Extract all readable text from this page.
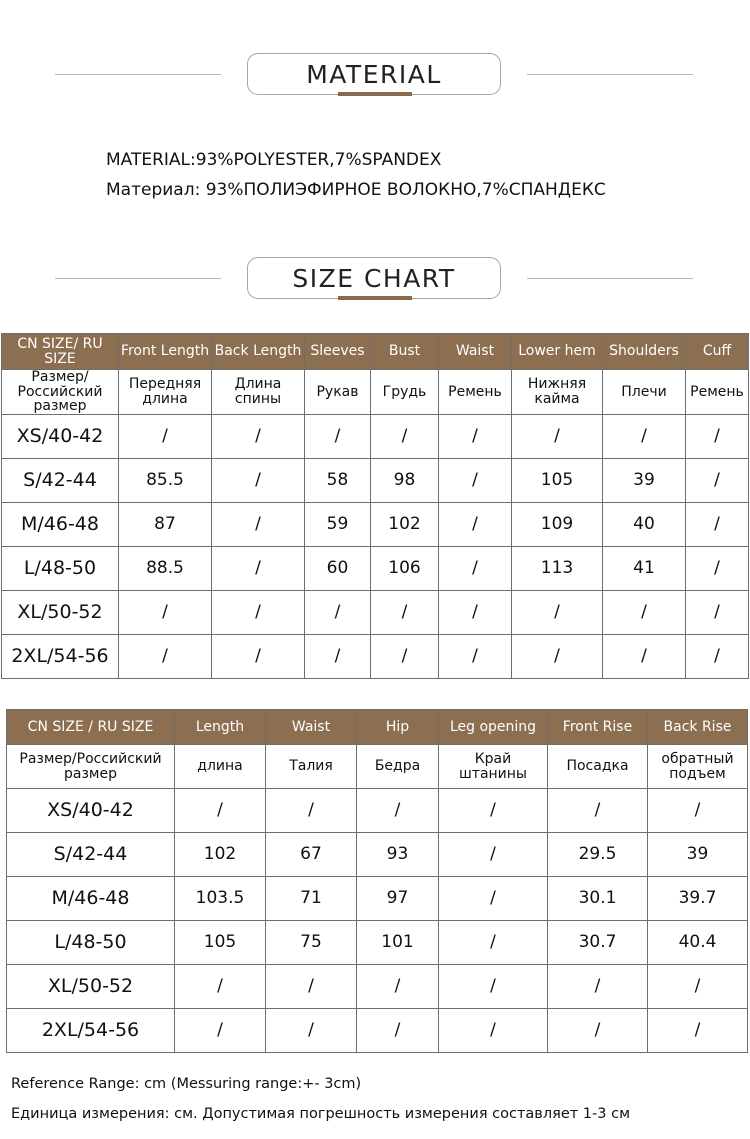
MATERIAL
MATERIAL:93%POLYESTER,7%SPANDEX
Материал: 93%ПОЛИЭФИРНОЕ ВОЛОКНО,7%СПАНДЕКС
SIZE CHART
CN SIZE/ RU SIZE	Front Length	Back Length	Sleeves	Bust	Waist	Lower hem	Shoulders	Cuff
Размер/ Российский размер	Передняя длина	Длина спины	Рукав	Грудь	Ремень	Нижняя кайма	Плечи	Ремень
XS/40-42	/	/	/	/	/	/	/	/
S/42-44	85.5	/	58	98	/	105	39	/
M/46-48	87	/	59	102	/	109	40	/
L/48-50	88.5	/	60	106	/	113	41	/
XL/50-52	/	/	/	/	/	/	/	/
2XL/54-56	/	/	/	/	/	/	/	/
CN SIZE / RU SIZE	Length	Waist	Hip	Leg opening	Front Rise	Back Rise
Размер/Российский размер	длина	Талия	Бедра	Край штанины	Посадка	обратный подъем
XS/40-42	/	/	/	/	/	/
S/42-44	102	67	93	/	29.5	39
M/46-48	103.5	71	97	/	30.1	39.7
L/48-50	105	75	101	/	30.7	40.4
XL/50-52	/	/	/	/	/	/
2XL/54-56	/	/	/	/	/	/
Reference Range: cm (Messuring range:+- 3cm)
Единица измерения: см. Допустимая погрешность измерения составляет 1-3 см
